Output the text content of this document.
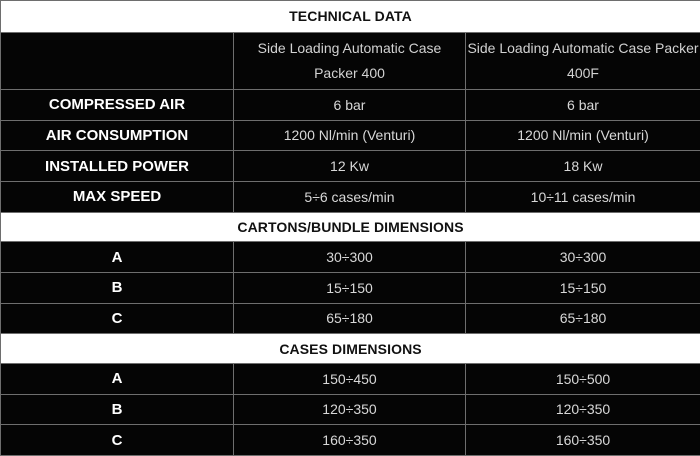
TECHNICAL DATA		
	Side Loading Automatic Case Packer 400	Side Loading Automatic Case Packer 400F
COMPRESSED AIR	6 bar	6 bar
AIR CONSUMPTION	1200 Nl/min (Venturi)	1200 Nl/min (Venturi)
INSTALLED POWER	12 Kw	18 Kw
MAX SPEED	5÷6 cases/min	10÷11 cases/min
CARTONS/BUNDLE DIMENSIONS		
A	30÷300	30÷300
B	15÷150	15÷150
C	65÷180	65÷180
CASES DIMENSIONS		
A	150÷450	150÷500
B	120÷350	120÷350
C	160÷350	160÷350
